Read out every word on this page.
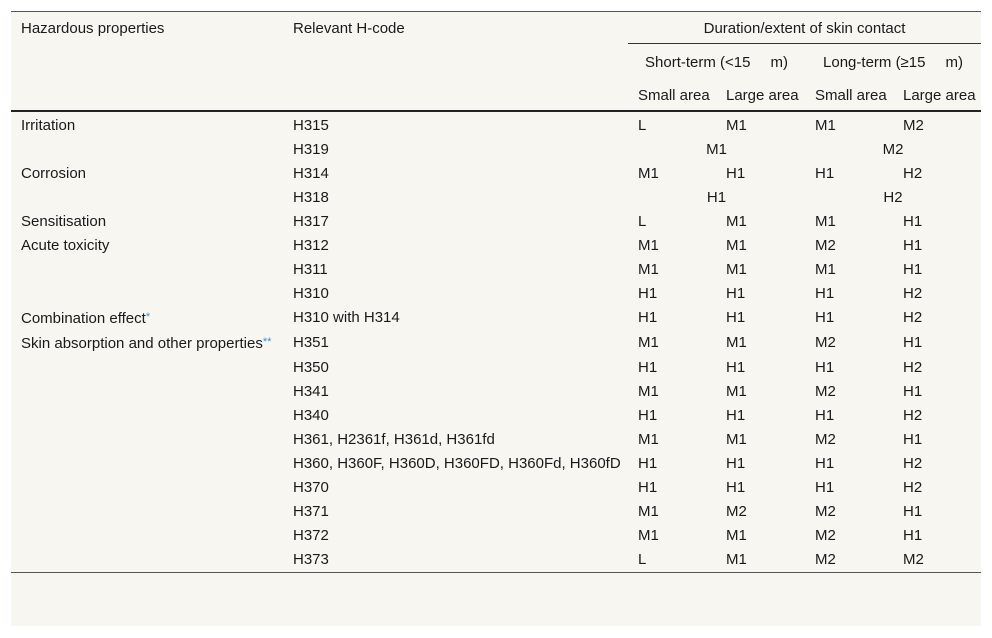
Hazardous properties	Relevant H-code	Duration/extent of skin contact			
		Short-term (<15 m)		Long-term (≥15 m)	
		Small area	Large area	Small area	Large area
Irritation	H315	L	M1	M1	M2
	H319	M1		M2	
Corrosion	H314	M1	H1	H1	H2
	H318	H1		H2	
Sensitisation	H317	L	M1	M1	H1
Acute toxicity	H312	M1	M1	M2	H1
	H311	M1	M1	M1	H1
	H310	H1	H1	H1	H2
Combination effect*	H310 with H314	H1	H1	H1	H2
Skin absorption and other properties**	H351	M1	M1	M2	H1
	H350	H1	H1	H1	H2
	H341	M1	M1	M2	H1
	H340	H1	H1	H1	H2
	H361, H2361f, H361d, H361fd	M1	M1	M2	H1
	H360, H360F, H360D, H360FD, H360Fd, H360fD	H1	H1	H1	H2
	H370	H1	H1	H1	H2
	H371	M1	M2	M2	H1
	H372	M1	M1	M2	H1
	H373	L	M1	M2	M2
